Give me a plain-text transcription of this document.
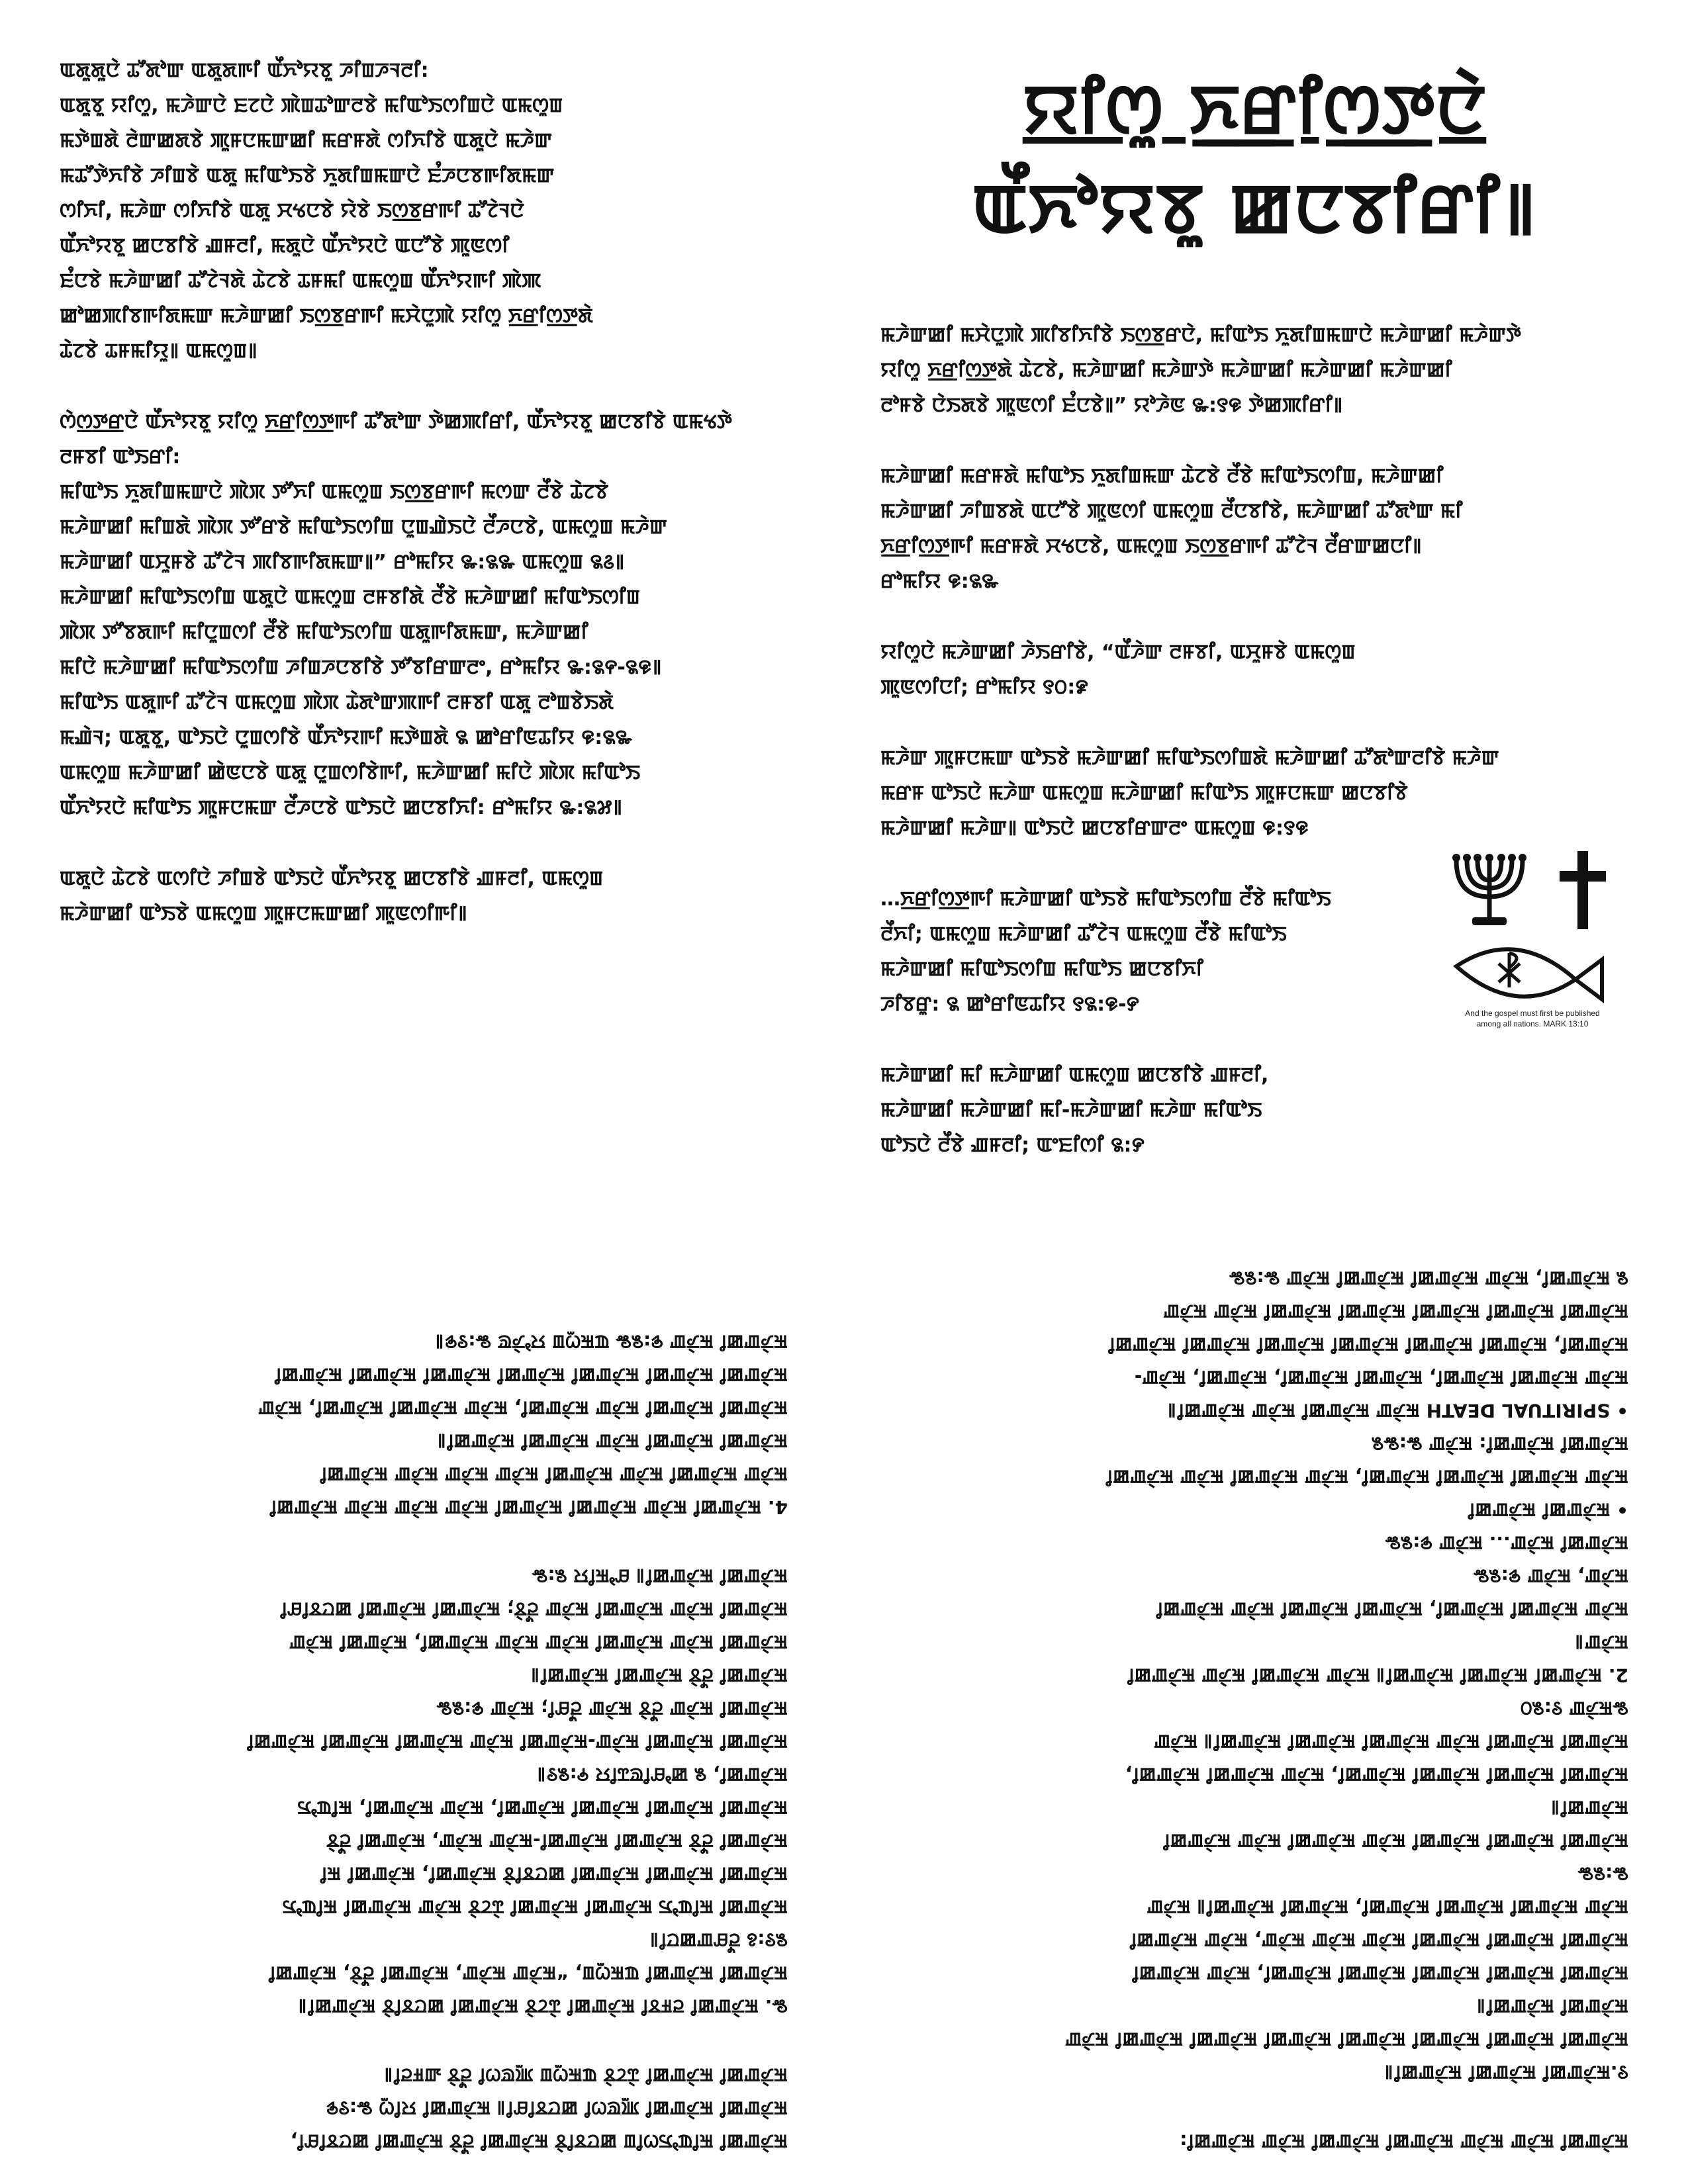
ꯑꯗꯨꯗꯨꯅꯥ ꯊꯧꯗꯣꯛ ꯑꯗꯨꯗꯒꯤ ꯑꯩꯈꯣꯌꯕꯨ ꯍꯤꯡꯍꯜꯂꯤ:
ꯑꯗꯨꯕꯨ ꯌꯤꯁꯨ, ꯃꯍꯥꯛꯅꯥ ꯐꯖꯅꯥ ꯄꯥꯡꯊꯣꯛꯂꯕꯥ ꯃꯤꯑꯣꯏꯁꯤꯡꯅꯥ ꯑꯃꯁꯨꯡ
ꯃꯇꯥꯡꯗꯥ ꯂꯥꯛꯀꯗꯕꯥ ꯄꯨꯝꯅꯃꯛꯀꯤ ꯃꯔꯝꯗꯥ ꯁꯤꯈꯤꯕꯥ ꯑꯗꯨꯅꯥ ꯃꯍꯥꯛ
ꯃꯊꯧꯇꯥꯈꯤꯕꯥ ꯍꯤꯡꯕꯥ ꯑꯗꯨ ꯃꯤꯑꯣꯏꯕꯥ ꯈꯨꯗꯤꯡꯃꯛꯅꯥ ꯐꯪꯍꯅꯕꯒꯤꯗꯃꯛ
ꯁꯤꯈꯤ, ꯃꯍꯥꯛ ꯁꯤꯈꯤꯕꯥ ꯑꯗꯨ ꯆꯠꯅꯕꯥ ꯌꯥꯕꯥ ꯏꯁ꯭ꯕꯔꯒꯤ ꯊꯧꯖꯥꯜꯅꯥ
ꯑꯩꯈꯣꯌꯕꯨ ꯀꯅꯕꯤꯕꯥ ꯉꯝꯂꯤ, ꯃꯗꯨꯅꯥ ꯑꯩꯈꯣꯌꯅꯥ ꯑꯅꯧꯕꯥ ꯄꯨꯟꯁꯤ
ꯐꯪꯅꯕꯥ ꯃꯍꯥꯛꯀꯤ ꯊꯧꯖꯥꯜꯗꯥ ꯊꯥꯖꯕꯥ ꯊꯝꯃꯤ ꯑꯃꯁꯨꯡ ꯑꯩꯈꯣꯌꯒꯤ ꯄꯥꯄ
ꯀꯣꯀꯄꯤꯕꯒꯤꯗꯃꯛ ꯃꯍꯥꯛꯀꯤ ꯏꯁ꯭ꯕꯔꯒꯤ ꯃꯆꯥꯅꯨꯄꯥ ꯌꯤꯁꯨ ꯈ꯭ꯔꯤꯁ꯭ꯇꯗꯥ
ꯊꯥꯖꯕꯥ ꯊꯝꯃꯤꯌꯨ꯫ ꯑꯃꯁꯨꯡ꯫
ꯁꯥꯁ꯭ꯇ꯭ꯔꯅꯥ ꯑꯩꯈꯣꯌꯕꯨ ꯌꯤꯁꯨ ꯈ꯭ꯔꯤꯁ꯭ꯇꯒꯤ ꯊꯧꯗꯣꯛ ꯇꯥꯀꯄꯤꯔꯤ, ꯑꯩꯈꯣꯌꯕꯨ ꯀꯅꯕꯤꯕꯥ ꯑꯃꯠꯇꯥ
ꯂꯝꯕꯤ ꯑꯣꯏꯔꯤ:
ꯃꯤꯑꯣꯏ ꯈꯨꯗꯤꯡꯃꯛꯅꯥ ꯄꯥꯞ ꯇꯧꯈꯤ ꯑꯃꯁꯨꯡ ꯏꯁ꯭ꯕꯔꯒꯤ ꯃꯁꯛ ꯂꯩꯕꯥ ꯊꯥꯖꯕꯥ
ꯃꯍꯥꯛꯀꯤ ꯃꯤꯡꯗꯥ ꯄꯥꯞ ꯇꯧꯔꯕꯥ ꯃꯤꯑꯣꯏꯁꯤꯡ ꯅꯨꯡꯉꯥꯏꯅꯥ ꯂꯩꯍꯅꯕꯥ, ꯑꯃꯁꯨꯡ ꯃꯍꯥꯛ
ꯃꯍꯥꯛꯀꯤ ꯑꯆꯨꯝꯕꯥ ꯊꯧꯖꯥꯜ ꯄꯤꯕꯒꯤꯗꯃꯛ꯫” ꯔꯣꯃꯤꯌ ꯳:꯲꯳ ꯑꯃꯁꯨꯡ ꯲꯴꯫
ꯃꯍꯥꯛꯀꯤ ꯃꯤꯑꯣꯏꯁꯤꯡ ꯑꯗꯨꯅꯥ ꯑꯃꯁꯨꯡ ꯂꯝꯕꯤꯗꯥ ꯂꯩꯕꯥ ꯃꯍꯥꯛꯀꯤ ꯃꯤꯑꯣꯏꯁꯤꯡ
ꯄꯥꯞ ꯇꯧꯕꯗꯒꯤ ꯃꯤꯅꯨꯡꯁꯤ ꯂꯩꯕꯥ ꯃꯤꯑꯣꯏꯁꯤꯡ ꯑꯗꯨꯒꯤꯗꯃꯛ, ꯃꯍꯥꯛꯀꯤ
ꯃꯤꯅꯥ ꯃꯍꯥꯛꯀꯤ ꯃꯤꯑꯣꯏꯁꯤꯡ ꯍꯤꯡꯍꯅꯕꯤꯕꯥ ꯇꯧꯕꯤꯔꯛꯂꯦ, ꯔꯣꯃꯤꯌ ꯳:꯲꯵-꯲꯶꯫
ꯃꯤꯑꯣꯏ ꯑꯗꯨꯒꯤ ꯊꯧꯖꯥꯜ ꯑꯃꯁꯨꯡ ꯄꯥꯞ ꯊꯥꯗꯣꯛꯄꯒꯤ ꯂꯝꯕꯤ ꯑꯗꯨ ꯂꯣꯡꯕꯥꯏꯗꯥ
ꯃꯉꯥꯜ; ꯑꯗꯨꯕꯨ, ꯑꯣꯏꯅꯥ ꯅꯨꯡꯁꯤꯕꯥ ꯑꯩꯈꯣꯌꯒꯤ ꯃꯇꯥꯡꯗꯥ ꯲ ꯀꯣꯔꯤꯟꯊꯤꯌ ꯶:꯲꯳
ꯑꯃꯁꯨꯡ ꯃꯍꯥꯛꯀꯤ ꯀꯥꯟꯅꯕꯥ ꯑꯗꯨ ꯅꯨꯡꯁꯤꯕꯥꯒꯤ, ꯃꯍꯥꯛꯀꯤ ꯃꯤꯅꯥ ꯄꯥꯞ ꯃꯤꯑꯣꯏ
ꯑꯩꯈꯣꯌꯅꯥ ꯃꯤꯑꯣꯏ ꯄꯨꯝꯅꯃꯛ ꯂꯩꯍꯅꯕꯥ ꯑꯣꯏꯅꯥ ꯀꯅꯕꯤꯈꯤ: ꯔꯣꯃꯤꯌ ꯳:꯲꯷꯫
ꯑꯗꯨꯅꯥ ꯊꯥꯖꯕꯥ ꯑꯁꯤꯅꯥ ꯍꯤꯡꯕꯥ ꯑꯣꯏꯅꯥ ꯑꯩꯈꯣꯌꯕꯨ ꯀꯅꯕꯤꯕꯥ ꯉꯝꯂꯤ, ꯑꯃꯁꯨꯡ
ꯃꯍꯥꯛꯀꯤ ꯑꯣꯏꯕꯥ ꯑꯃꯁꯨꯡ ꯄꯨꯝꯅꯃꯛꯀꯤ ꯄꯨꯟꯁꯤꯒꯤ꯫
ꯌꯤꯁꯨ ꯈ꯭ꯔꯤꯁ꯭ꯇꯅꯥ
ꯑꯩꯈꯣꯌꯕꯨ ꯀꯅꯕꯤꯔꯤ꯫
ꯃꯍꯥꯛꯀꯤ ꯃꯆꯥꯅꯨꯄꯥ ꯄꯤꯕꯤꯈꯤꯕꯥ ꯏꯁ꯭ꯕꯔꯅꯥ, ꯃꯤꯑꯣꯏ ꯈꯨꯗꯤꯡꯃꯛꯅꯥ ꯃꯍꯥꯛꯀꯤ ꯃꯍꯥꯛꯇꯥ
ꯌꯤꯁꯨ ꯈ꯭ꯔꯤꯁ꯭ꯇꯗꯥ ꯊꯥꯖꯕꯥ, ꯃꯍꯥꯛꯀꯤ ꯃꯍꯥꯛꯇꯥ ꯃꯍꯥꯛꯀꯤ ꯃꯍꯥꯛꯀꯤ ꯃꯍꯥꯛꯀꯤ
ꯂꯣꯝꯕꯥ ꯅꯥꯏꯗꯕꯥ ꯄꯨꯟꯁꯤ ꯐꯪꯅꯕꯥ꯫” ꯌꯣꯍꯥꯟ ꯳:꯱꯶ ꯇꯥꯀꯄꯤꯔꯤ꯫
ꯃꯍꯥꯛꯀꯤ ꯃꯔꯝꯗꯥ ꯃꯤꯑꯣꯏ ꯈꯨꯗꯤꯡꯃꯛ ꯊꯥꯖꯕꯥ ꯂꯩꯕꯥ ꯃꯤꯑꯣꯏꯁꯤꯡ, ꯃꯍꯥꯛꯀꯤ
ꯃꯍꯥꯛꯀꯤ ꯍꯤꯡꯕꯗꯥ ꯑꯅꯧꯕꯥ ꯄꯨꯟꯁꯤ ꯑꯃꯁꯨꯡ ꯂꯩꯅꯕꯤꯕꯥ, ꯃꯍꯥꯛꯀꯤ ꯊꯧꯗꯣꯛ ꯃꯤ
ꯈ꯭ꯔꯤꯁ꯭ꯇꯒꯤ ꯃꯔꯝꯗꯥ ꯆꯠꯅꯕꯥ, ꯑꯃꯁꯨꯡ ꯏꯁ꯭ꯕꯔꯒꯤ ꯊꯧꯖꯥꯜ ꯂꯩꯔꯛꯀꯅꯤ꯫
ꯔꯣꯃꯤꯌ ꯶:꯲꯳
ꯌꯤꯁꯨꯅꯥ ꯃꯍꯥꯛꯀꯤ ꯍꯥꯏꯔꯤꯕꯥ, “ꯑꯩꯍꯥꯛ ꯂꯝꯕꯤ, ꯑꯆꯨꯝꯕꯥ ꯑꯃꯁꯨꯡ
ꯄꯨꯟꯁꯤꯅꯤ; ꯔꯣꯃꯤꯌ ꯱꯰:꯹
ꯃꯍꯥꯛ ꯄꯨꯝꯅꯃꯛ ꯑꯣꯏꯕꯥ ꯃꯍꯥꯛꯀꯤ ꯃꯤꯑꯣꯏꯁꯤꯡꯗꯥ ꯃꯍꯥꯛꯀꯤ ꯊꯧꯗꯣꯛꯂꯤꯕꯥ ꯃꯍꯥꯛ
ꯃꯔꯝ ꯑꯣꯏꯅꯥ ꯃꯍꯥꯛ ꯑꯃꯁꯨꯡ ꯃꯍꯥꯛꯀꯤ ꯃꯤꯑꯣꯏ ꯄꯨꯝꯅꯃꯛ ꯀꯅꯕꯤꯕꯥ
ꯃꯍꯥꯛꯀꯤ ꯃꯍꯥꯛ꯫ ꯑꯣꯏꯅꯥ ꯀꯅꯕꯤꯔꯛꯂꯦ ꯑꯃꯁꯨꯡ ꯶:꯱꯶
…ꯈ꯭ꯔꯤꯁ꯭ꯇꯒꯤ ꯃꯍꯥꯛꯀꯤ ꯑꯣꯏꯕꯥ ꯃꯤꯑꯣꯏꯁꯤꯡ ꯂꯩꯕꯥ ꯃꯤꯑꯣꯏ
ꯂꯩꯈꯤ; ꯑꯃꯁꯨꯡ ꯃꯍꯥꯛꯀꯤ ꯊꯧꯖꯥꯜ ꯑꯃꯁꯨꯡ ꯂꯩꯕꯥ ꯃꯤꯑꯣꯏ
ꯃꯍꯥꯛꯀꯤ ꯃꯤꯑꯣꯏꯁꯤꯡ ꯃꯤꯑꯣꯏ ꯀꯅꯕꯤꯈꯤ
ꯍꯤꯕꯔꯨ: ꯲ ꯀꯣꯔꯤꯟꯊꯤꯌ ꯱꯲:꯶-꯸
ꯃꯍꯥꯛꯀꯤ ꯃꯤ ꯃꯍꯥꯛꯀꯤ ꯑꯃꯁꯨꯡ ꯀꯅꯕꯤꯕꯥ ꯉꯝꯂꯤ,
ꯃꯍꯥꯛꯀꯤ ꯃꯍꯥꯛꯀꯤ ꯃꯤ-ꯃꯍꯥꯛꯀꯤ ꯃꯍꯥꯛ ꯃꯤꯑꯣꯏ
ꯑꯣꯏꯅꯥ ꯂꯩꯕꯥ ꯉꯝꯂꯤ; ꯑꯦꯐꯤꯁꯤ ꯲:꯸
And the gospel must first be published
among all nations. MARK 13:10
ꯃꯍꯥꯛꯀꯤ ꯃꯤꯑꯣꯏꯁꯤꯡ ꯀꯅꯕꯤꯕꯥ ꯃꯍꯥꯛꯀꯤ ꯂꯩꯕꯥ ꯃꯍꯥꯛꯀꯤ ꯀꯅꯕꯤꯔꯤ,
ꯃꯍꯥꯛꯀꯤ ꯃꯍꯥꯛꯀꯤ ꯄꯨꯟꯁꯤ ꯀꯅꯕꯤꯔꯤ꯫ ꯃꯍꯥꯛꯀꯤ ꯌꯤꯁꯨ ꯳:꯱꯶
ꯃꯍꯥꯛꯀꯤ ꯃꯍꯥꯛꯀꯤ ꯊꯥꯖꯕꯥ ꯑꯃꯁꯨꯡ ꯄꯨꯟꯁꯤ ꯂꯩꯕꯥ ꯉꯝꯂꯤ꯫
꯳. ꯃꯍꯥꯛꯀꯤ ꯂꯝꯕꯤ ꯃꯍꯥꯛꯀꯤ ꯊꯥꯖꯕꯥ ꯃꯍꯥꯛꯀꯤ ꯀꯅꯕꯤꯕꯥ ꯃꯍꯥꯛꯀꯤ꯫
ꯃꯍꯥꯛꯀꯤ ꯃꯍꯥꯛꯀꯤ ꯑꯃꯁꯨꯡ, “ꯃꯍꯥꯛ ꯃꯍꯥꯛ, ꯃꯍꯥꯛꯀꯤ ꯂꯩꯕꯥ, ꯃꯍꯥꯛꯀꯤ
꯲꯱:꯴ ꯂꯩꯔꯛꯀꯅꯤ꯫
ꯃꯍꯥꯛꯀꯤ ꯃꯤꯑꯣꯏ ꯃꯍꯥꯛꯀꯤ ꯃꯍꯥꯛꯀꯤ ꯊꯥꯖꯕꯥ ꯃꯍꯥꯛ ꯃꯍꯥꯛꯀꯤ ꯃꯤꯑꯣꯏ
ꯃꯍꯥꯛꯀꯤ ꯃꯍꯥꯛꯀꯤ ꯃꯍꯥꯛꯀꯤ ꯀꯅꯕꯤꯕꯥ ꯃꯍꯥꯛꯀꯤ, ꯃꯍꯥꯛꯀꯤ ꯃꯤ
ꯃꯍꯥꯛꯀꯤ ꯂꯩꯕꯥ ꯃꯍꯥꯛꯀꯤ ꯃꯍꯥꯛꯀꯤ-ꯃꯍꯥꯛ ꯃꯍꯥꯛ, ꯃꯍꯥꯛꯀꯤ ꯂꯩꯕꯥ
ꯃꯍꯥꯛꯀꯤ ꯃꯍꯥꯛꯀꯤ ꯃꯍꯥꯛꯀꯤ ꯃꯍꯥꯛꯀꯤ, ꯃꯍꯥꯛ ꯃꯍꯥꯛꯀꯤ, ꯃꯤꯑꯣꯏ
ꯃꯍꯥꯛꯀꯤ, ꯲ ꯀꯣꯔꯤꯟꯊꯤꯌ ꯵:꯲꯱꯫
ꯃꯍꯥꯛꯀꯤ ꯃꯍꯥꯛꯀꯤ ꯃꯍꯥꯛ-ꯃꯍꯥꯛꯀꯤ ꯃꯍꯥꯛ ꯃꯍꯥꯛꯀꯤ ꯃꯍꯥꯛꯀꯤ ꯃꯍꯥꯛꯀꯤ
ꯃꯍꯥꯛꯀꯤ ꯃꯍꯥꯛ ꯂꯩꯕꯥ ꯃꯍꯥꯛ ꯂꯩꯔꯤ; ꯃꯍꯥꯛ ꯶:꯲꯳
ꯃꯍꯥꯛꯀꯤ ꯂꯩꯕꯥ ꯃꯍꯥꯛꯀꯤ ꯃꯍꯥꯛꯀꯤ꯫
ꯃꯍꯥꯛꯀꯤ ꯃꯍꯥꯛ ꯃꯍꯥꯛꯀꯤ ꯃꯍꯥꯛ ꯃꯍꯥꯛ ꯃꯍꯥꯛꯀꯤ, ꯃꯍꯥꯛꯀꯤ ꯃꯍꯥꯛ
ꯃꯍꯥꯛꯀꯤ ꯃꯍꯥꯛ ꯃꯍꯥꯛꯀꯤ ꯃꯍꯥꯛ ꯂꯩꯕꯥ; ꯃꯍꯥꯛꯀꯤ ꯃꯍꯥꯛꯀꯤ ꯀꯅꯕꯤꯔꯤ
ꯃꯍꯥꯛꯀꯤ ꯃꯍꯥꯛꯀꯤ꯫ ꯔꯣꯃꯤꯌ ꯲:꯳
4. ꯃꯍꯥꯛꯀꯤ ꯃꯍꯥꯛ ꯃꯍꯥꯛꯀꯤ ꯃꯍꯥꯛꯀꯤ ꯃꯍꯥꯛ ꯃꯍꯥꯛ ꯃꯍꯥꯛ ꯃꯍꯥꯛꯀꯤ
ꯃꯍꯥꯛ ꯃꯍꯥꯛꯀꯤ ꯃꯍꯥꯛ ꯃꯍꯥꯛꯀꯤ ꯃꯍꯥꯛ ꯃꯍꯥꯛ ꯃꯍꯥꯛ ꯃꯍꯥꯛꯀꯤ
ꯃꯍꯥꯛꯀꯤ ꯃꯍꯥꯛꯀꯤ ꯃꯍꯥꯛ ꯃꯍꯥꯛꯀꯤ ꯃꯍꯥꯛꯀꯤ꯫
ꯃꯍꯥꯛꯀꯤ ꯃꯍꯥꯛꯀꯤ ꯃꯍꯥꯛ ꯃꯍꯥꯛꯀꯤ, ꯃꯍꯥꯛ ꯃꯍꯥꯛꯀꯤ ꯃꯍꯥꯛꯀꯤ, ꯃꯍꯥꯛ
ꯃꯍꯥꯛꯀꯤ ꯃꯍꯥꯛꯀꯤ ꯃꯍꯥꯛꯀꯤ ꯃꯍꯥꯛꯀꯤ ꯃꯍꯥꯛꯀꯤ ꯃꯍꯥꯛꯀꯤ ꯃꯍꯥꯛꯀꯤ
ꯃꯍꯥꯛꯀꯤ ꯃꯍꯥꯛ ꯶:꯲꯳ ꯑꯃꯁꯨꯡ ꯌꯣꯍꯥꯟ ꯳:꯱꯶꯫
ꯃꯍꯥꯛꯀꯤ ꯃꯍꯥꯛ ꯃꯍꯥꯛ ꯃꯍꯥꯛꯀꯤ ꯃꯍꯥꯛꯀꯤ ꯃꯍꯥꯛ ꯃꯍꯥꯛꯀꯤ:
꯱.ꯃꯍꯥꯛꯀꯤ ꯃꯍꯥꯛꯀꯤ ꯃꯍꯥꯛꯀꯤ꯫
ꯃꯍꯥꯛꯀꯤ ꯃꯍꯥꯛꯀꯤ ꯃꯍꯥꯛꯀꯤ ꯃꯍꯥꯛꯀꯤ ꯃꯍꯥꯛꯀꯤ ꯃꯍꯥꯛꯀꯤ ꯃꯍꯥꯛꯀꯤ ꯃꯍꯥꯛ
ꯃꯍꯥꯛꯀꯤ ꯃꯍꯥꯛꯀꯤ꯫
ꯃꯍꯥꯛꯀꯤ ꯃꯍꯥꯛꯀꯤ ꯃꯍꯥꯛꯀꯤ ꯃꯍꯥꯛꯀꯤ ꯃꯍꯥꯛꯀꯤ, ꯃꯍꯥꯛ ꯃꯍꯥꯛꯀꯤ
ꯃꯍꯥꯛꯀꯤ ꯃꯍꯥꯛꯀꯤ ꯃꯍꯥꯛꯀꯤ ꯃꯍꯥꯛ ꯃꯍꯥꯛ ꯃꯍꯥꯛ, ꯃꯍꯥꯛ ꯃꯍꯥꯛꯀꯤ
ꯃꯍꯥꯛ ꯃꯍꯥꯛꯀꯤ ꯃꯍꯥꯛꯀꯤ ꯃꯍꯥꯛꯀꯤ, ꯃꯍꯥꯛꯀꯤ ꯃꯍꯥꯛꯀꯤ꯫ ꯃꯍꯥꯛ
꯳:꯲꯳
ꯃꯍꯥꯛꯀꯤ ꯃꯍꯥꯛꯀꯤ ꯃꯍꯥꯛꯀꯤ ꯃꯍꯥꯛ ꯃꯍꯥꯛꯀꯤ ꯃꯍꯥꯛ ꯃꯍꯥꯛꯀꯤ
ꯃꯍꯥꯛꯀꯤ꯫
ꯃꯍꯥꯛꯀꯤ ꯃꯍꯥꯛꯀꯤ ꯃꯍꯥꯛꯀꯤ ꯃꯍꯥꯛꯀꯤ, ꯃꯍꯥꯛ ꯃꯍꯥꯛꯀꯤ ꯃꯍꯥꯛꯀꯤ,
ꯃꯍꯥꯛꯀꯤ ꯃꯍꯥꯛꯀꯤ ꯃꯍꯥꯛ ꯃꯍꯥꯛꯀꯤ ꯃꯍꯥꯛꯀꯤ ꯃꯍꯥꯛꯀꯤ꯫ ꯃꯍꯥꯛ
꯳ꯃꯍꯥꯛ ꯱:꯲꯰
2. ꯃꯍꯥꯛꯀꯤ ꯃꯍꯥꯛꯀꯤ ꯃꯍꯥꯛꯀꯤ꯫ ꯃꯍꯥꯛ ꯃꯍꯥꯛꯀꯤ ꯃꯍꯥꯛ ꯃꯍꯥꯛꯀꯤ
ꯃꯍꯥꯛ꯫
ꯃꯍꯥꯛ ꯃꯍꯥꯛꯀꯤ ꯃꯍꯥꯛꯀꯤ, ꯃꯍꯥꯛꯀꯤ ꯃꯍꯥꯛꯀꯤ ꯃꯍꯥꯛ ꯃꯍꯥꯛꯀꯤ
ꯃꯍꯥꯛ, ꯃꯍꯥꯛ ꯶:꯲꯳
ꯃꯍꯥꯛꯀꯤ ꯃꯍꯥꯛ... ꯃꯍꯥꯛ ꯶:꯲꯳
• ꯃꯍꯥꯛꯀꯤ ꯃꯍꯥꯛꯀꯤ
ꯃꯍꯥꯛ ꯃꯍꯥꯛꯀꯤ ꯃꯍꯥꯛꯀꯤ ꯃꯍꯥꯛꯀꯤ, ꯃꯍꯥꯛ ꯃꯍꯥꯛꯀꯤ ꯃꯍꯥꯛ ꯃꯍꯥꯛꯀꯤ
ꯃꯍꯥꯛꯀꯤ ꯃꯍꯥꯛꯀꯤ: ꯃꯍꯥꯛ ꯳:꯳꯲
• SPIRITUAL DEATH ꯃꯍꯥꯛ ꯃꯍꯥꯛꯀꯤ ꯃꯍꯥꯛ ꯃꯍꯥꯛꯀꯤ꯫
ꯃꯍꯥꯛ ꯃꯍꯥꯛꯀꯤ ꯃꯍꯥꯛꯀꯤ, ꯃꯍꯥꯛꯀꯤ ꯃꯍꯥꯛꯀꯤ, ꯃꯍꯥꯛꯀꯤ, ꯃꯍꯥꯛ-
ꯃꯍꯥꯛꯀꯤ, ꯃꯍꯥꯛꯀꯤ ꯃꯍꯥꯛꯀꯤ ꯃꯍꯥꯛꯀꯤ ꯃꯍꯥꯛꯀꯤ ꯃꯍꯥꯛꯀꯤ ꯃꯍꯥꯛꯀꯤ
ꯃꯍꯥꯛꯀꯤ ꯃꯍꯥꯛꯀꯤ ꯃꯍꯥꯛꯀꯤ ꯃꯍꯥꯛꯀꯤ ꯃꯍꯥꯛꯀꯤ ꯃꯍꯥꯛ ꯃꯍꯥꯛ
꯲ ꯃꯍꯥꯛꯀꯤ, ꯃꯍꯥꯛ ꯃꯍꯥꯛꯀꯤ ꯃꯍꯥꯛꯀꯤ ꯃꯍꯥꯛ ꯳:꯲꯳
